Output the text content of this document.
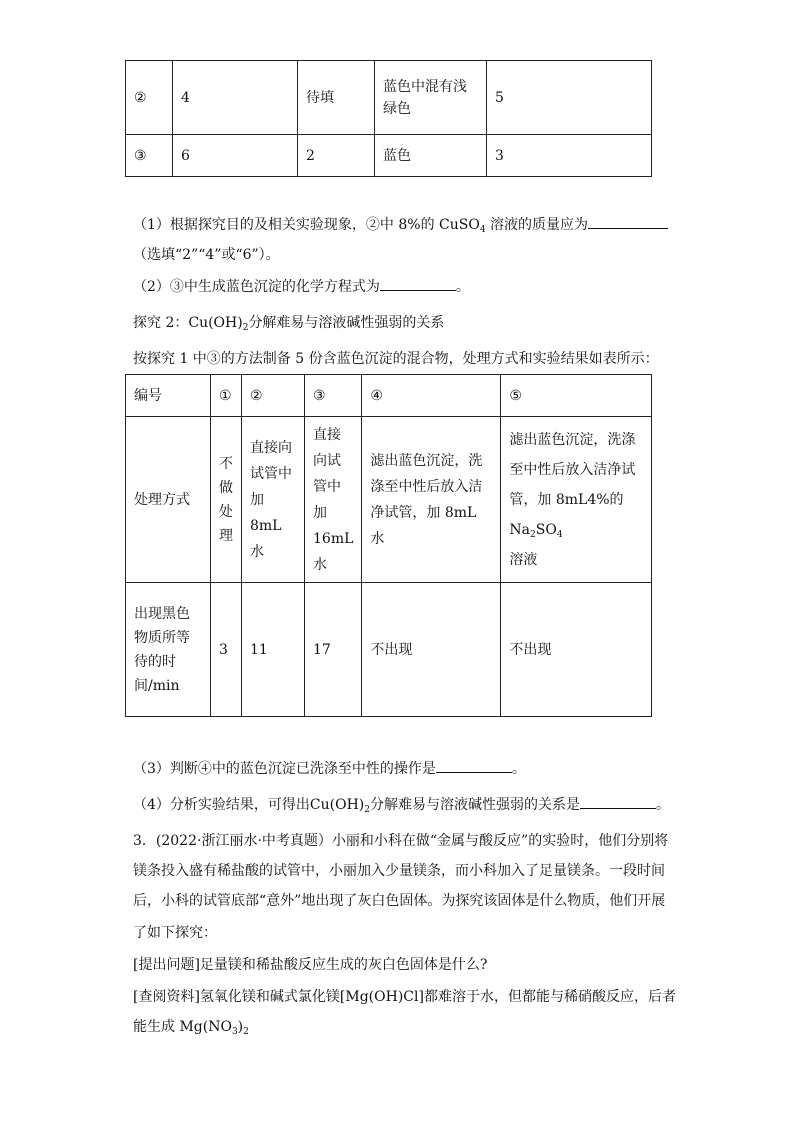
②	4	待填	蓝色中混有浅绿色	5
③	6	2	蓝色	3
（1）根据探究目的及相关实验现象，②中 8%的 CuSO$_4$ 溶液的质量应为
（选填“2”“4”或“6”）。
（2）③中生成蓝色沉淀的化学方程式为	。
探究 2：$Cu(OH)_2$分解难易与溶液碱性强弱的关系
按探究 1 中③的方法制备 5 份含蓝色沉淀的混合物，处理方式和实验结果如表所示：
编号	①	②	③	④	⑤
处理方式	不做处理	直接向试管中加 8mL 水	直接向试管中加 16mL 水	滤出蓝色沉淀，洗涤至中性后放入洁净试管，加 8mL 水	滤出蓝色沉淀，洗涤至中性后放入洁净试管，加 8mL4%的 $Na_2SO_4$
溶液
出现黑色物质所等待的时间/min	3	11	17	不出现	不出现
（3）判断④中的蓝色沉淀已洗涤至中性的操作是	。
（4）分析实验结果，可得出$Cu(OH)_2$分解难易与溶液碱性强弱的关系是	。
3．(2022·浙江丽水·中考真题）小丽和小科在做“金属与酸反应”的实验时，他们分别将
镁条投入盛有稀盐酸的试管中，小丽加入少量镁条，而小科加入了足量镁条。一段时间
后，小科的试管底部“意外”地出现了灰白色固体。为探究该固体是什么物质，他们开展
了如下探究：
[提出问题]足量镁和稀盐酸反应生成的灰白色固体是什么?
[查阅资料]氢氧化镁和碱式氯化镁[Mg(OH)Cl]都难溶于水，但都能与稀硝酸反应，后者
能生成 $Mg(NO_3)_2$
